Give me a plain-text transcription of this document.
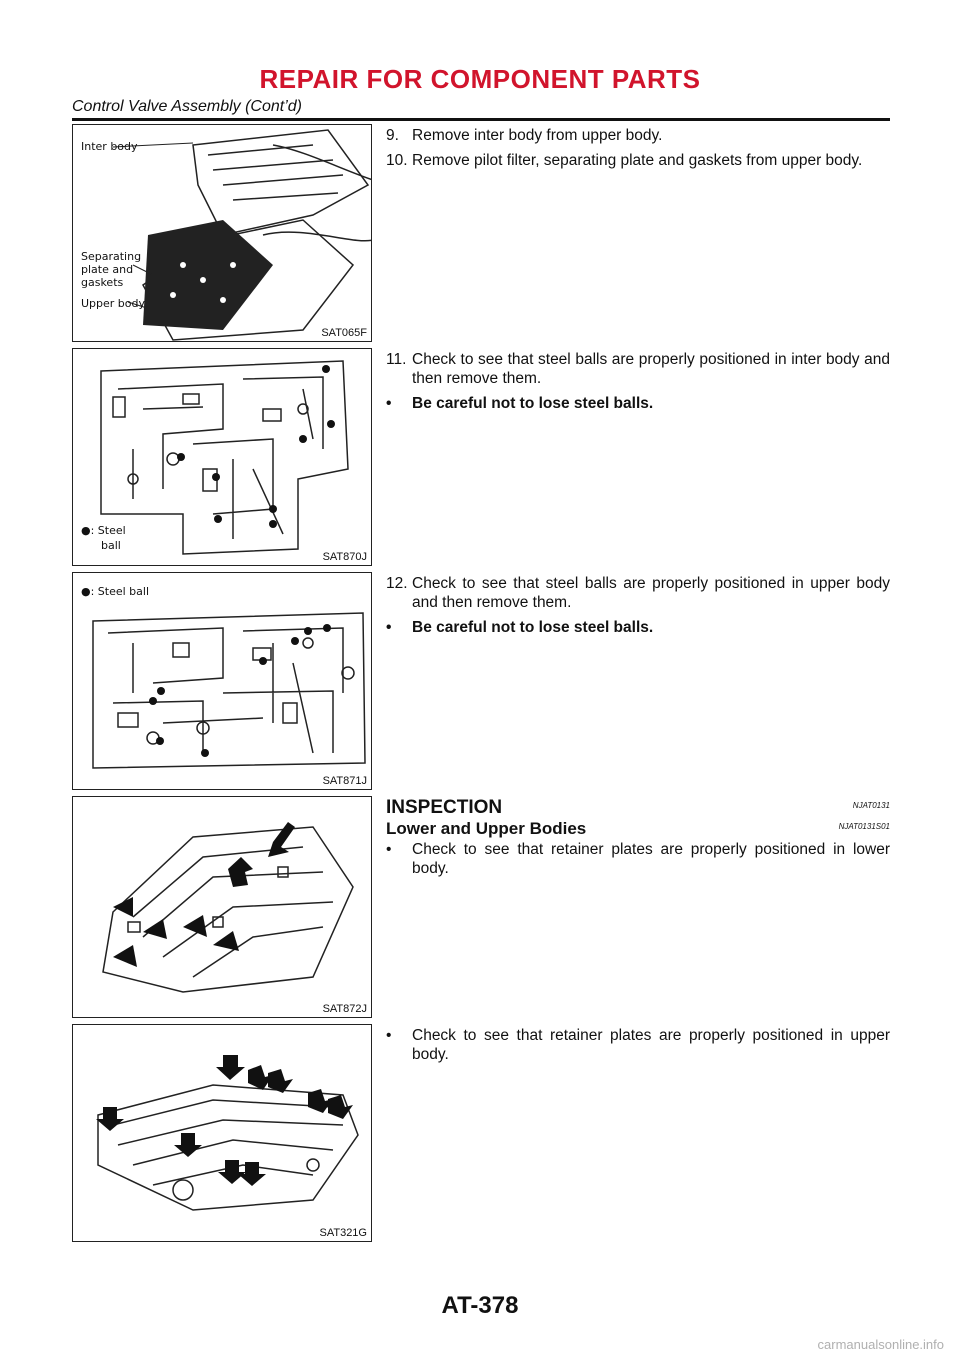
REPAIR FOR COMPONENT PARTS
Control Valve Assembly (Cont’d)
Inter body
Separating
plate and
gaskets
Upper body
SAT065F
●: Steel
ball
SAT870J
●: Steel ball
SAT871J
SAT872J
SAT321G
9. Remove inter body from upper body.
10. Remove pilot filter, separating plate and gaskets from upper body.
11. Check to see that steel balls are properly positioned in inter body and then remove them.
• Be careful not to lose steel balls.
12. Check to see that steel balls are properly positioned in upper body and then remove them.
• Be careful not to lose steel balls.
INSPECTION	NJAT0131
Lower and Upper Bodies	NJAT0131S01
• Check to see that retainer plates are properly positioned in lower body.
• Check to see that retainer plates are properly positioned in upper body.
AT-378
carmanualsonline.info
